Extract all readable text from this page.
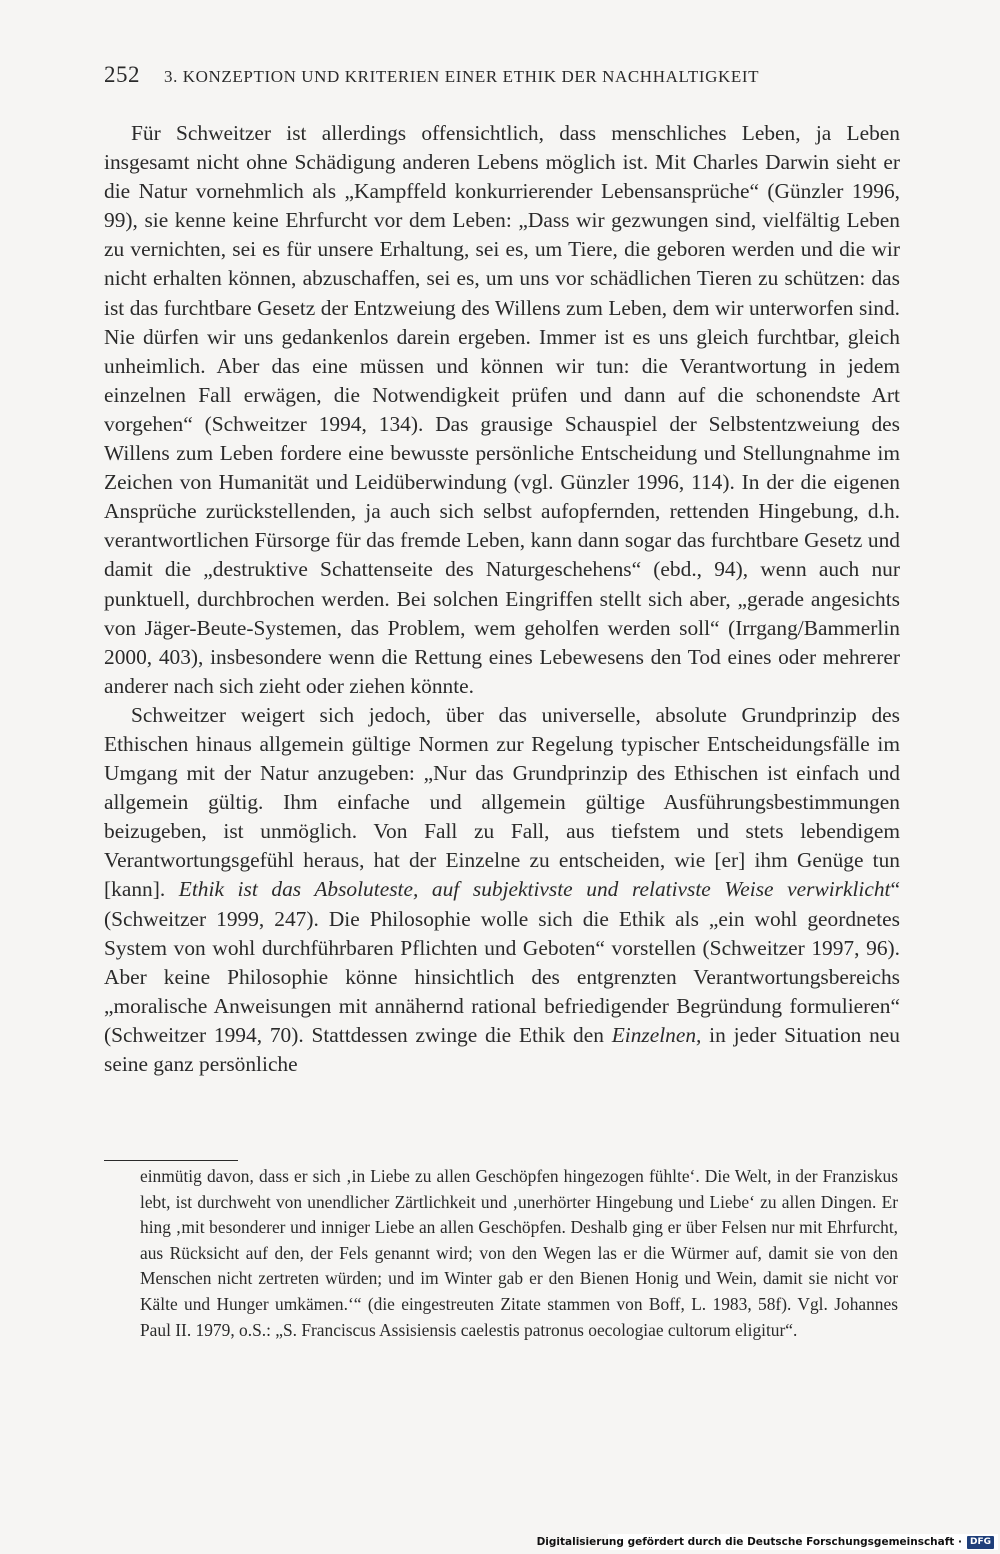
252 3. KONZEPTION UND KRITERIEN EINER ETHIK DER NACHHALTIGKEIT

Für Schweitzer ist allerdings offensichtlich, dass menschliches Leben, ja Leben insgesamt nicht ohne Schädigung anderen Lebens möglich ist. Mit Charles Darwin sieht er die Natur vornehmlich als „Kampffeld konkurrierender Lebensansprüche“ (Günzler 1996, 99), sie kenne keine Ehrfurcht vor dem Leben: „Dass wir gezwungen sind, vielfältig Leben zu vernichten, sei es für unsere Erhaltung, sei es, um Tiere, die geboren werden und die wir nicht erhalten können, abzuschaffen, sei es, um uns vor schädlichen Tieren zu schützen: das ist das furchtbare Gesetz der Entzweiung des Willens zum Leben, dem wir unterworfen sind. Nie dürfen wir uns gedankenlos darein ergeben. Immer ist es uns gleich furchtbar, gleich unheimlich. Aber das eine müssen und können wir tun: die Verantwortung in jedem einzelnen Fall erwägen, die Notwendigkeit prüfen und dann auf die schonendste Art vorgehen“ (Schweitzer 1994, 134). Das grausige Schauspiel der Selbstentzweiung des Willens zum Leben fordere eine bewusste persönliche Entscheidung und Stellungnahme im Zeichen von Humanität und Leidüberwindung (vgl. Günzler 1996, 114). In der die eigenen Ansprüche zurückstellenden, ja auch sich selbst aufopfernden, rettenden Hingebung, d.h. verantwortlichen Fürsorge für das fremde Leben, kann dann sogar das furchtbare Gesetz und damit die „destruktive Schattenseite des Naturgeschehens“ (ebd., 94), wenn auch nur punktuell, durchbrochen werden. Bei solchen Eingriffen stellt sich aber, „gerade angesichts von Jäger-Beute-Systemen, das Problem, wem geholfen werden soll“ (Irrgang/Bammerlin 2000, 403), insbesondere wenn die Rettung eines Lebewesens den Tod eines oder mehrerer anderer nach sich zieht oder ziehen könnte.

Schweitzer weigert sich jedoch, über das universelle, absolute Grundprinzip des Ethischen hinaus allgemein gültige Normen zur Regelung typischer Entscheidungsfälle im Umgang mit der Natur anzugeben: „Nur das Grundprinzip des Ethischen ist einfach und allgemein gültig. Ihm einfache und allgemein gültige Ausführungsbestimmungen beizugeben, ist unmöglich. Von Fall zu Fall, aus tiefstem und stets lebendigem Verantwortungsgefühl heraus, hat der Einzelne zu entscheiden, wie [er] ihm Genüge tun [kann]. Ethik ist das Absoluteste, auf subjektivste und relativste Weise verwirklicht“ (Schweitzer 1999, 247). Die Philosophie wolle sich die Ethik als „ein wohl geordnetes System von wohl durchführbaren Pflichten und Geboten“ vorstellen (Schweitzer 1997, 96). Aber keine Philosophie könne hinsichtlich des entgrenzten Verantwortungsbereichs „moralische Anweisungen mit annähernd rational befriedigender Begründung formulieren“ (Schweitzer 1994, 70). Stattdessen zwinge die Ethik den Einzelnen, in jeder Situation neu seine ganz persönliche

einmütig davon, dass er sich ‚in Liebe zu allen Geschöpfen hingezogen fühlte‘. Die Welt, in der Franziskus lebt, ist durchweht von unendlicher Zärtlichkeit und ‚unerhörter Hingebung und Liebe‘ zu allen Dingen. Er hing ‚mit besonderer und inniger Liebe an allen Geschöpfen. Deshalb ging er über Felsen nur mit Ehrfurcht, aus Rücksicht auf den, der Fels genannt wird; von den Wegen las er die Würmer auf, damit sie von den Menschen nicht zertreten würden; und im Winter gab er den Bienen Honig und Wein, damit sie nicht vor Kälte und Hunger umkämen.‘“ (die eingestreuten Zitate stammen von Boff, L. 1983, 58f). Vgl. Johannes Paul II. 1979, o.S.: „S. Franciscus Assisiensis caelestis patronus oecologiae cultorum eligitur“.

Digitalisierung gefördert durch die Deutsche Forschungsgemeinschaft · DFG
